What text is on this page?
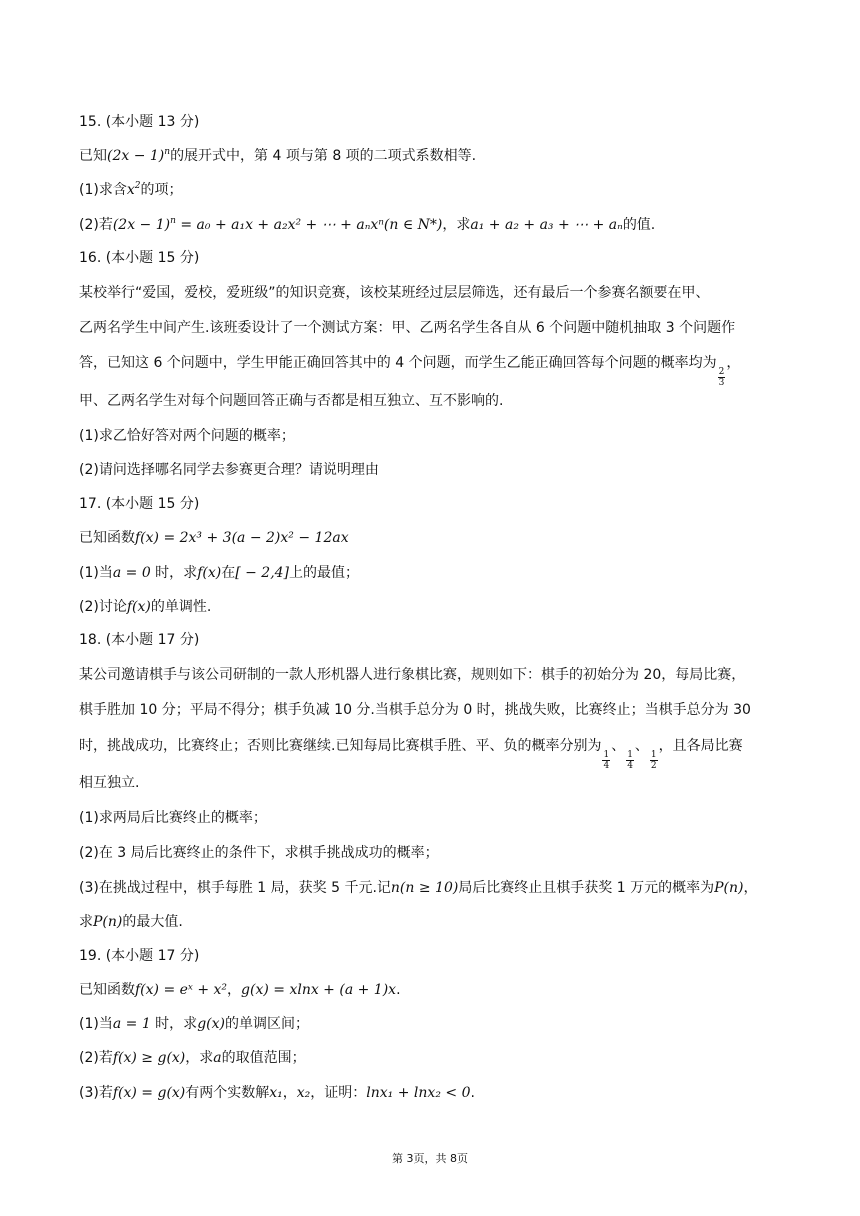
15. (本小题 13 分)
已知$(2x - 1)^n$的展开式中，第 4 项与第 8 项的二项式系数相等.
(1)求含$x^2$的项；
(2)若$(2x - 1)^n = a_0 + a_1x + a_2x^2$ + ⋯ + aₙxⁿ(n ∈ N*)，求a₁ + a₂ + a₃ + ⋯ + aₙ的值.
16. (本小题 15 分)
某校举行“爱国，爱校，爱班级”的知识竞赛，该校某班经过层层筛选，还有最后一个参赛名额要在甲、
乙两名学生中间产生.该班委设计了一个测试方案：甲、乙两名学生各自从 6 个问题中随机抽取 3 个问题作
答，已知这 6 个问题中，学生甲能正确回答其中的 4 个问题，而学生乙能正确回答每个问题的概率均为
$\frac{2}{3}$
，
甲、乙两名学生对每个问题回答正确与否都是相互独立、互不影响的.
(1)求乙恰好答对两个问题的概率；
(2)请问选择哪名同学去参赛更合理？请说明理由
17. (本小题 15 分)
已知函数f(x) = 2x³ + 3(a − 2)x² − 12ax
(1)当a = 0 时，求f(x)在[ − 2,4]上的最值；
(2)讨论f(x)的单调性.
18. (本小题 17 分)
某公司邀请棋手与该公司研制的一款人形机器人进行象棋比赛，规则如下：棋手的初始分为 20，每局比赛，
棋手胜加 10 分；平局不得分；棋手负减 10 分.当棋手总分为 0 时，挑战失败，比赛终止；当棋手总分为 30
时，挑战成功，比赛终止；否则比赛继续.已知每局比赛棋手胜、平、负的概率分别为
$\frac{1}{4}$
、
$\frac{1}{4}$
、
$\frac{1}{2}$
，且各局比赛
相互独立.
(1)求两局后比赛终止的概率；
(2)在 3 局后比赛终止的条件下，求棋手挑战成功的概率；
(3)在挑战过程中，棋手每胜 1 局，获奖 5 千元.记n(n ≥ 10)局后比赛终止且棋手获奖 1 万元的概率为P(n)，
求P(n)的最大值.
19. (本小题 17 分)
已知函数f(x) = eˣ + x²，g(x) = xlnx + (a + 1)x.
(1)当a = 1 时，求g(x)的单调区间；
(2)若f(x) ≥ g(x)，求a的取值范围；
(3)若f(x) = g(x)有两个实数解x₁，x₂，证明：lnx₁ + lnx₂ < 0.
第 3页，共 8页
